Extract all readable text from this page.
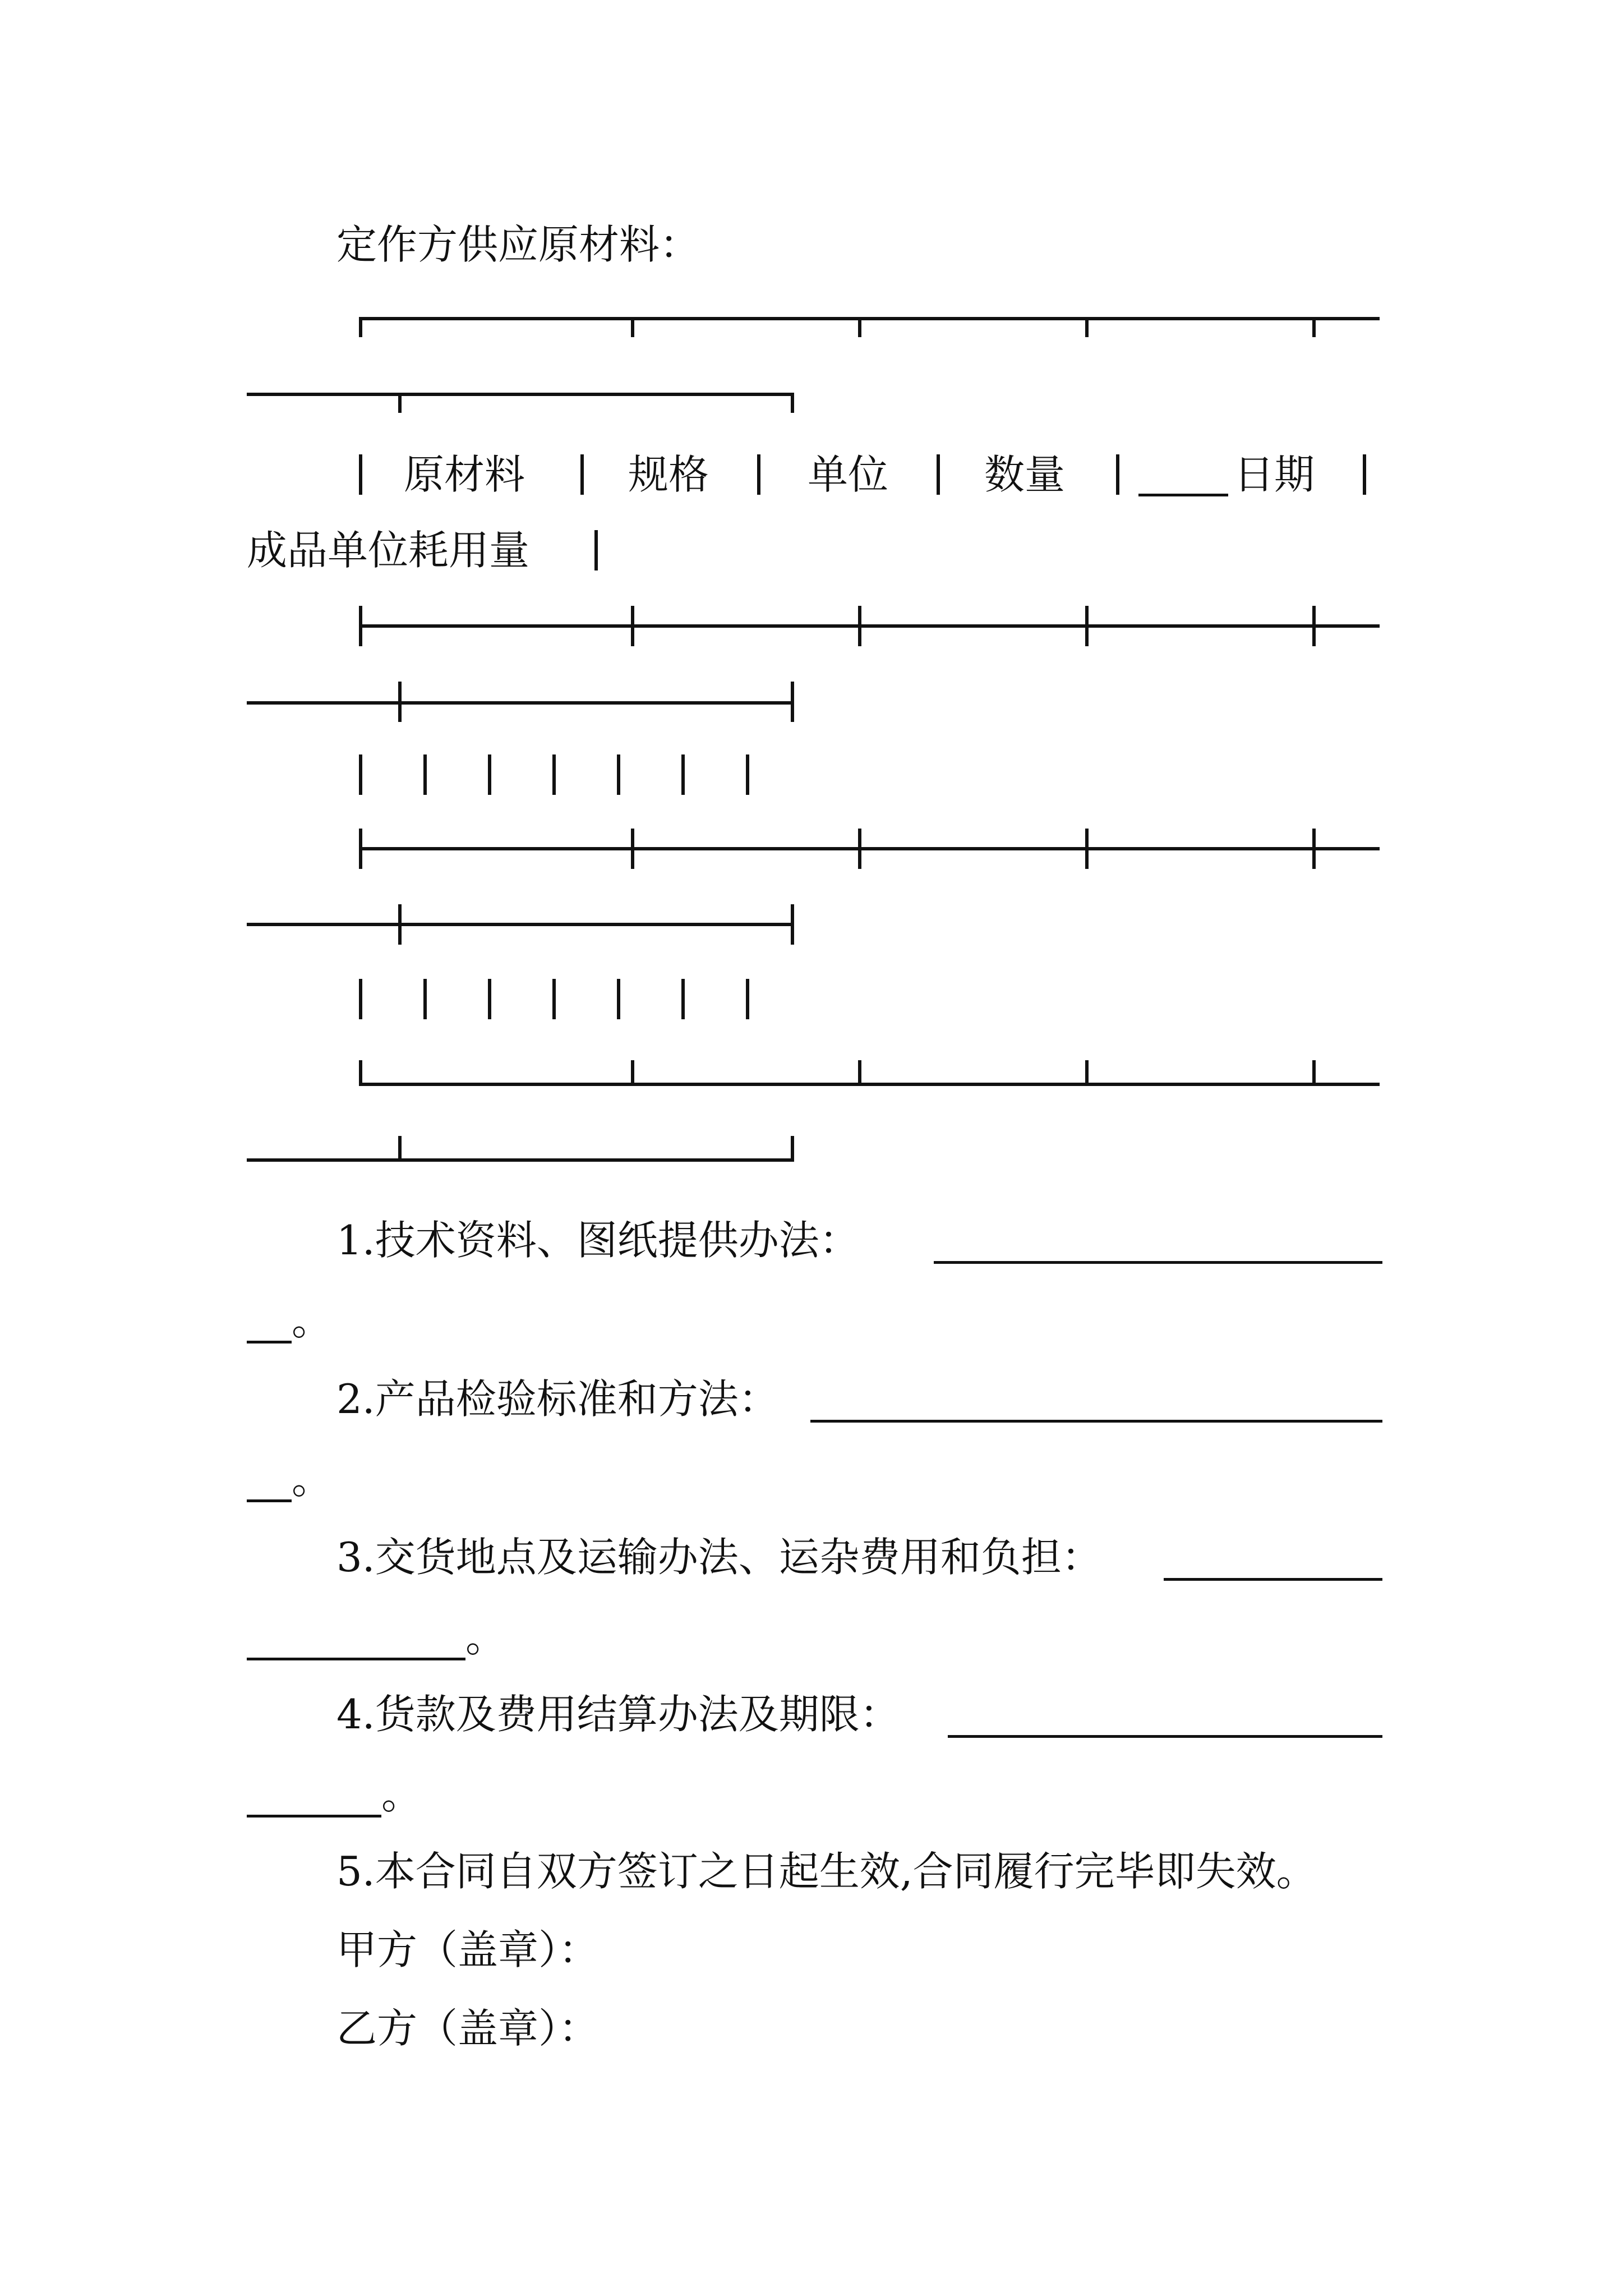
定作方供应原材料：
原材料	规格 单位 数量	日期
成品单位耗用量
1.技术资料、图纸提供办法：
。
2.产品检验标准和方法：
。
3.交货地点及运输办法、运杂费用和负担：
。
4.货款及费用结算办法及期限：
。
5.本合同自双方签订之日起生效,合同履行完毕即失效。
甲方（盖章）：
乙方（盖章）：
